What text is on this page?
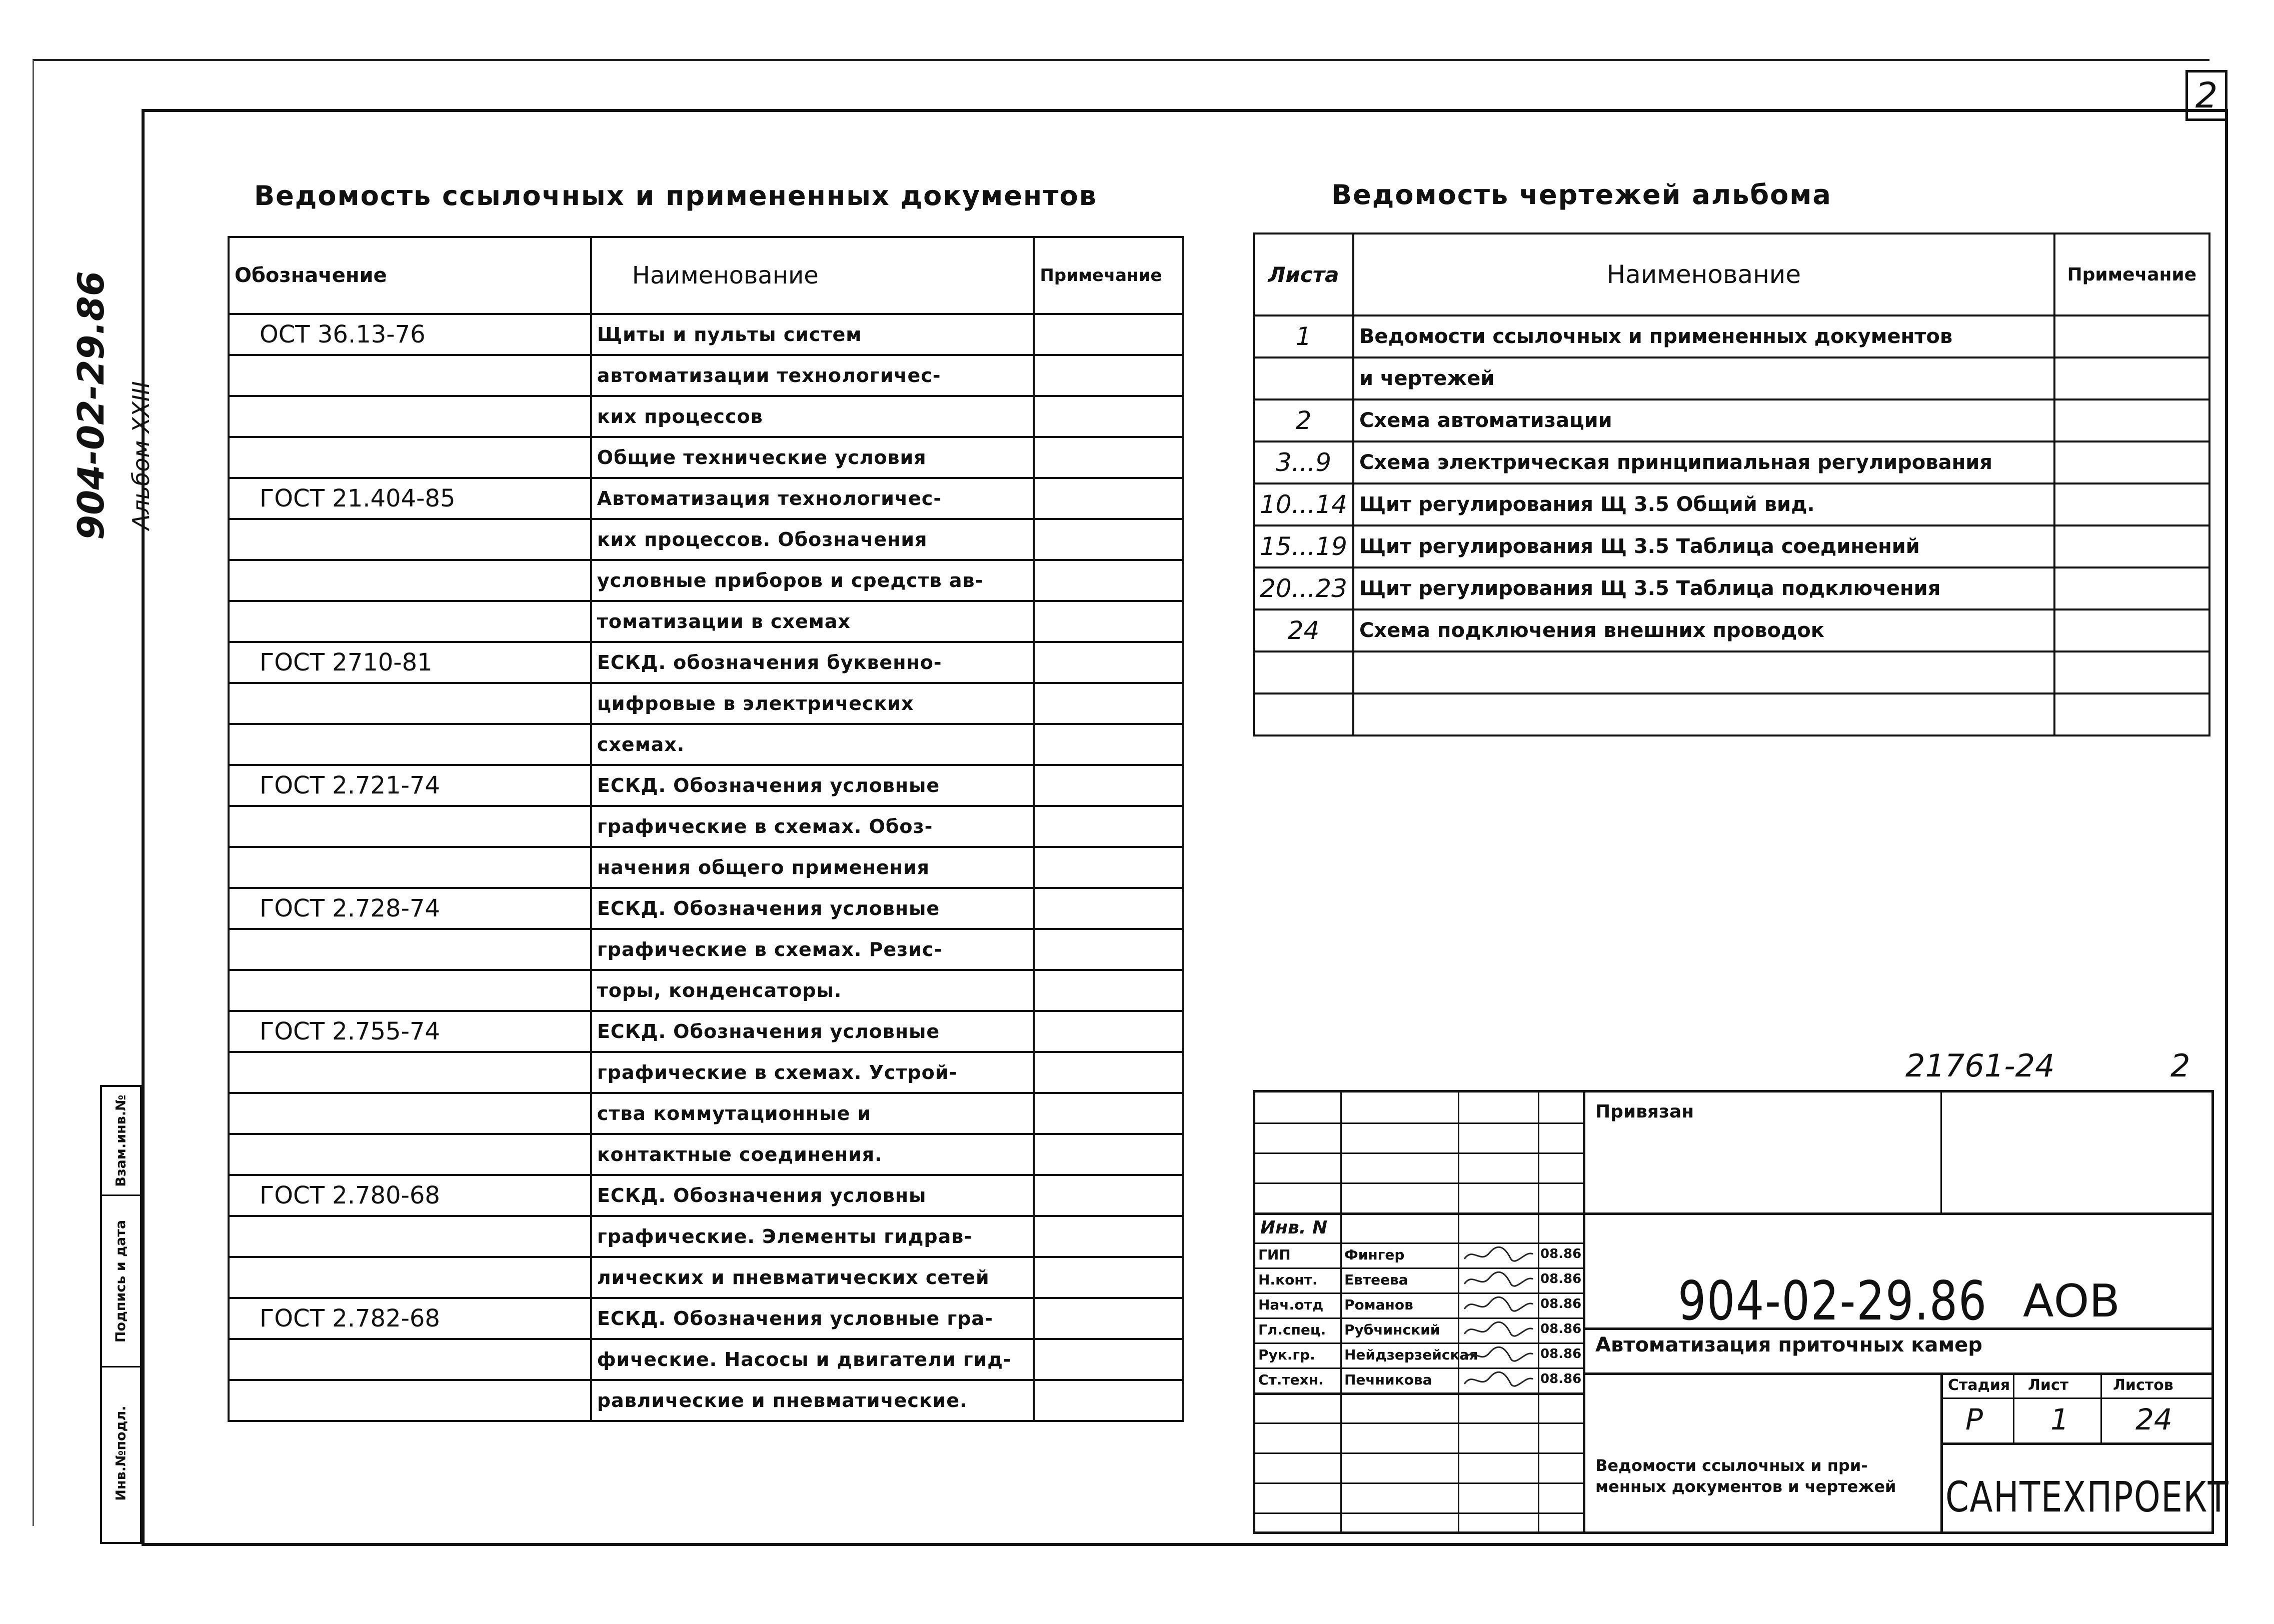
2
904-02-29.86 Альбом XXIII
Взам.инв.№
Подпись и дата
Инв.№подл.
Ведомость ссылочных и примененных документов
Обозначение	Наименование	Примечание
ОСТ 36.13-76	Щиты и пульты систем	
	автоматизации технологичес-	
	ких процессов	
	Общие технические условия	
ГОСТ 21.404-85	Автоматизация технологичес-	
	ких процессов. Обозначения	
	условные приборов и средств ав-	
	томатизации в схемах	
ГОСТ 2710-81	ЕСКД. обозначения буквенно-	
	цифровые в электрических	
	схемах.	
ГОСТ 2.721-74	ЕСКД. Обозначения условные	
	графические в схемах. Обоз-	
	начения общего применения	
ГОСТ 2.728-74	ЕСКД. Обозначения условные	
	графические в схемах. Резис-	
	торы, конденсаторы.	
ГОСТ 2.755-74	ЕСКД. Обозначения условные	
	графические в схемах. Устрой-	
	ства коммутационные и	
	контактные соединения.	
ГОСТ 2.780-68	ЕСКД. Обозначения условны	
	графические. Элементы гидрав-	
	лических и пневматических сетей	
ГОСТ 2.782-68	ЕСКД. Обозначения условные гра-	
	фические. Насосы и двигатели гид-	
	равлические и пневматические.	
Ведомость чертежей альбома
Листа	Наименование	Примечание
1	Ведомости ссылочных и примененных документов	
	и чертежей	
2	Схема автоматизации	
3...9	Схема электрическая принципиальная регулирования	
10...14	Щит регулирования Щ 3.5 Общий вид.	
15...19	Щит регулирования Щ 3.5 Таблица соединений	
20...23	Щит регулирования Щ 3.5 Таблица подключения	
24	Схема подключения внешних проводок	

21761-24	2
Привязан
Инв. N
ГИП	Фингер	08.86
Н.конт. Евтеева	08.86
Нач.отд Романов	08.86
Гл.спец. Рубчинский	08.86
Рук.гр. Нейдзерзейская	08.86
Ст.техн. Печникова	08.86
904-02-29.86 АОВ
Автоматизация приточных камер
Стадия Лист	Листов
Р 1 24
Ведомости ссылочных и при-менных документов и чертежей	САНТЕХПРОЕКТ
